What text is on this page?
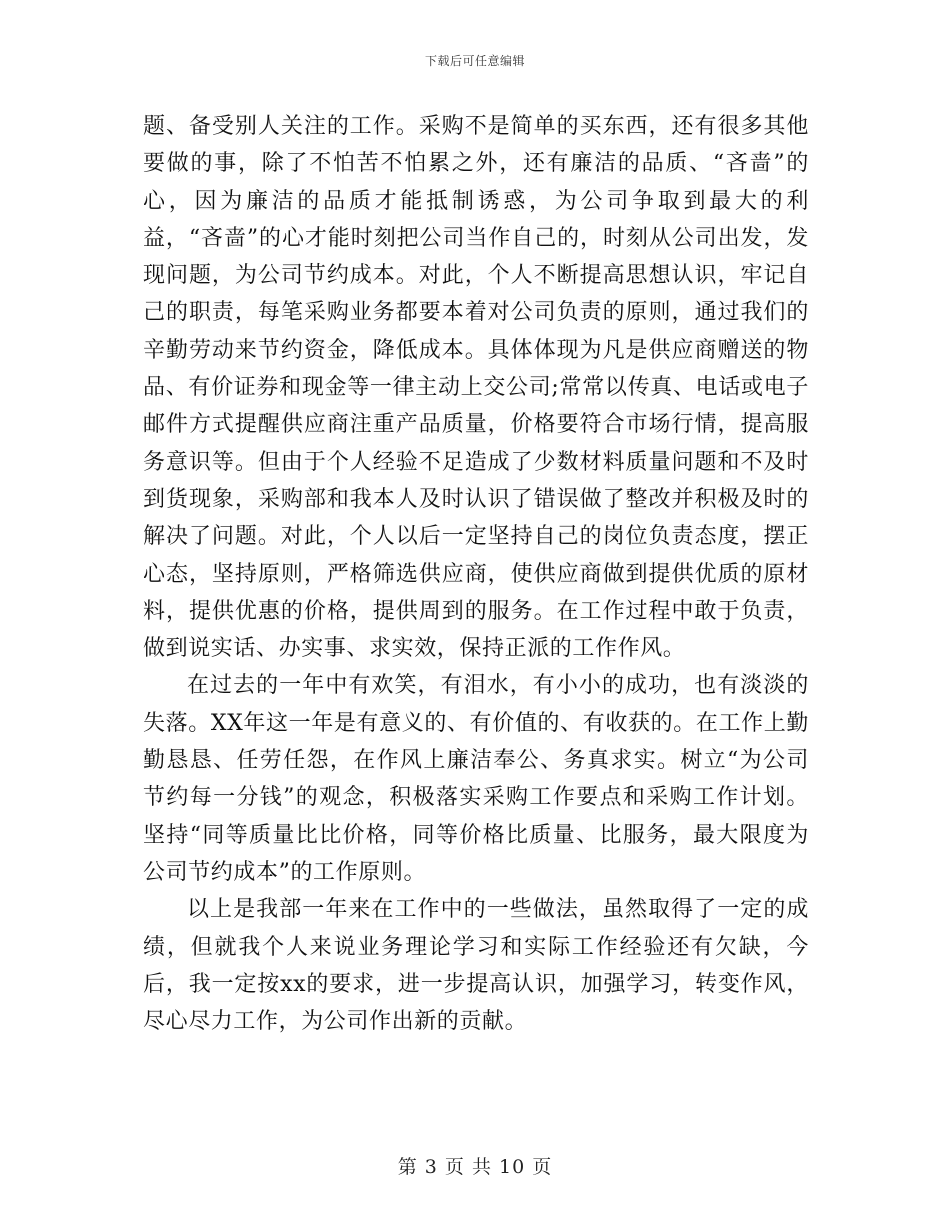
下载后可任意编辑

题、备受别人关注的工作。采购不是简单的买东西，还有很多其他要做的事，除了不怕苦不怕累之外，还有廉洁的品质、“吝啬”的心，因为廉洁的品质才能抵制诱惑，为公司争取到最大的利益，“吝啬”的心才能时刻把公司当作自己的，时刻从公司出发，发现问题，为公司节约成本。对此，个人不断提高思想认识，牢记自己的职责，每笔采购业务都要本着对公司负责的原则，通过我们的辛勤劳动来节约资金，降低成本。具体体现为凡是供应商赠送的物品、有价证券和现金等一律主动上交公司;常常以传真、电话或电子邮件方式提醒供应商注重产品质量，价格要符合市场行情，提高服务意识等。但由于个人经验不足造成了少数材料质量问题和不及时到货现象，采购部和我本人及时认识了错误做了整改并积极及时的解决了问题。对此，个人以后一定坚持自己的岗位负责态度，摆正心态，坚持原则，严格筛选供应商，使供应商做到提供优质的原材料，提供优惠的价格，提供周到的服务。在工作过程中敢于负责，做到说实话、办实事、求实效，保持正派的工作作风。

在过去的一年中有欢笑，有泪水，有小小的成功，也有淡淡的失落。XX年这一年是有意义的、有价值的、有收获的。在工作上勤勤恳恳、任劳任怨，在作风上廉洁奉公、务真求实。树立“为公司节约每一分钱”的观念，积极落实采购工作要点和采购工作计划。坚持“同等质量比比价格，同等价格比质量、比服务，最大限度为公司节约成本”的工作原则。

以上是我部一年来在工作中的一些做法，虽然取得了一定的成绩，但就我个人来说业务理论学习和实际工作经验还有欠缺，今后，我一定按xx的要求，进一步提高认识，加强学习，转变作风，尽心尽力工作，为公司作出新的贡献。

第 3 页 共 10 页
